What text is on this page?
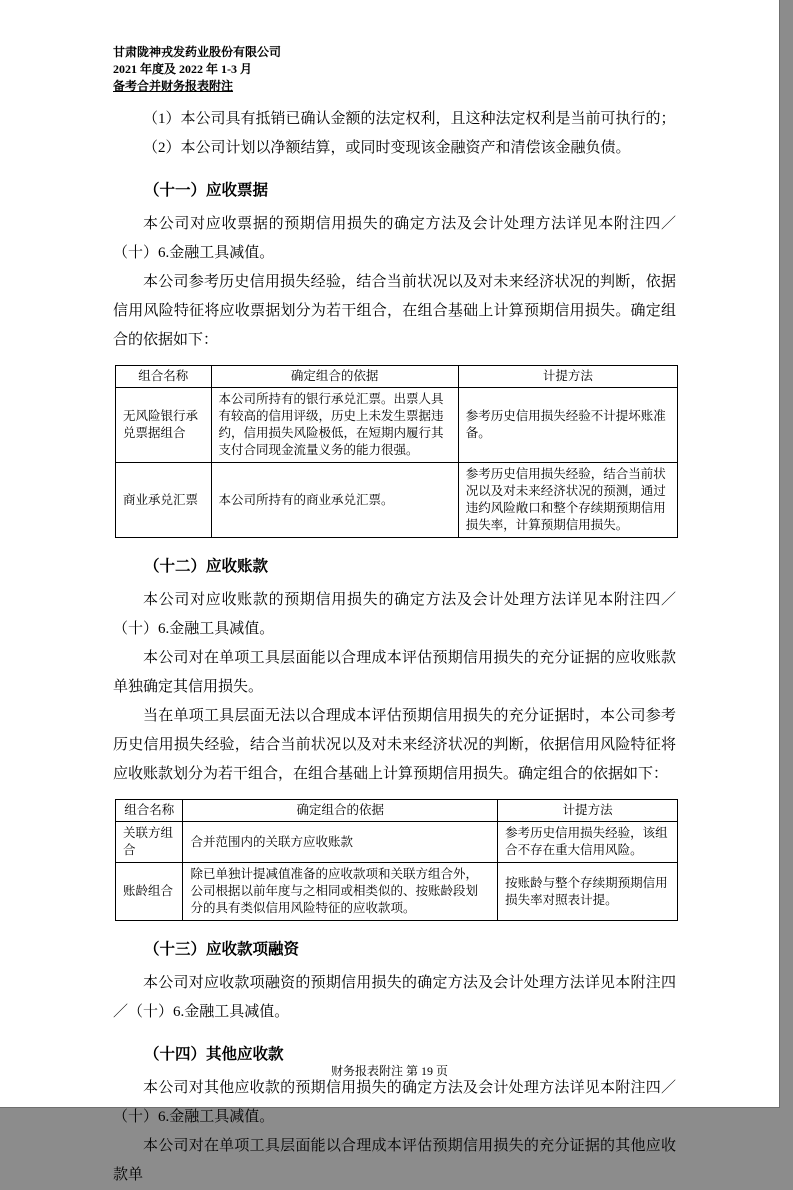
甘肃陇神戎发药业股份有限公司
2021 年度及 2022 年 1-3 月
备考合并财务报表附注

（1）本公司具有抵销已确认金额的法定权利，且这种法定权利是当前可执行的；

（2）本公司计划以净额结算，或同时变现该金融资产和清偿该金融负债。

（十一）应收票据

本公司对应收票据的预期信用损失的确定方法及会计处理方法详见本附注四／（十）6.金融工具减值。

本公司参考历史信用损失经验，结合当前状况以及对未来经济状况的判断，依据信用风险特征将应收票据划分为若干组合，在组合基础上计算预期信用损失。确定组合的依据如下：

组合名称	确定组合的依据	计提方法
无风险银行承兑票据组合	本公司所持有的银行承兑汇票。出票人具有较高的信用评级，历史上未发生票据违约，信用损失风险极低，在短期内履行其支付合同现金流量义务的能力很强。	参考历史信用损失经验不计提坏账准备。
商业承兑汇票	本公司所持有的商业承兑汇票。	参考历史信用损失经验，结合当前状况以及对未来经济状况的预测，通过违约风险敞口和整个存续期预期信用损失率，计算预期信用损失。
（十二）应收账款

本公司对应收账款的预期信用损失的确定方法及会计处理方法详见本附注四／（十）6.金融工具减值。

本公司对在单项工具层面能以合理成本评估预期信用损失的充分证据的应收账款单独确定其信用损失。

当在单项工具层面无法以合理成本评估预期信用损失的充分证据时，本公司参考历史信用损失经验，结合当前状况以及对未来经济状况的判断，依据信用风险特征将应收账款划分为若干组合，在组合基础上计算预期信用损失。确定组合的依据如下：

组合名称	确定组合的依据	计提方法
关联方组合	合并范围内的关联方应收账款	参考历史信用损失经验，该组合不存在重大信用风险。
账龄组合	除已单独计提减值准备的应收款项和关联方组合外，公司根据以前年度与之相同或相类似的、按账龄段划分的具有类似信用风险特征的应收款项。	按账龄与整个存续期预期信用损失率对照表计提。
（十三）应收款项融资

本公司对应收款项融资的预期信用损失的确定方法及会计处理方法详见本附注四／（十）6.金融工具减值。

（十四）其他应收款

本公司对其他应收款的预期信用损失的确定方法及会计处理方法详见本附注四／（十）6.金融工具减值。

本公司对在单项工具层面能以合理成本评估预期信用损失的充分证据的其他应收款单

财务报表附注 第 19 页
